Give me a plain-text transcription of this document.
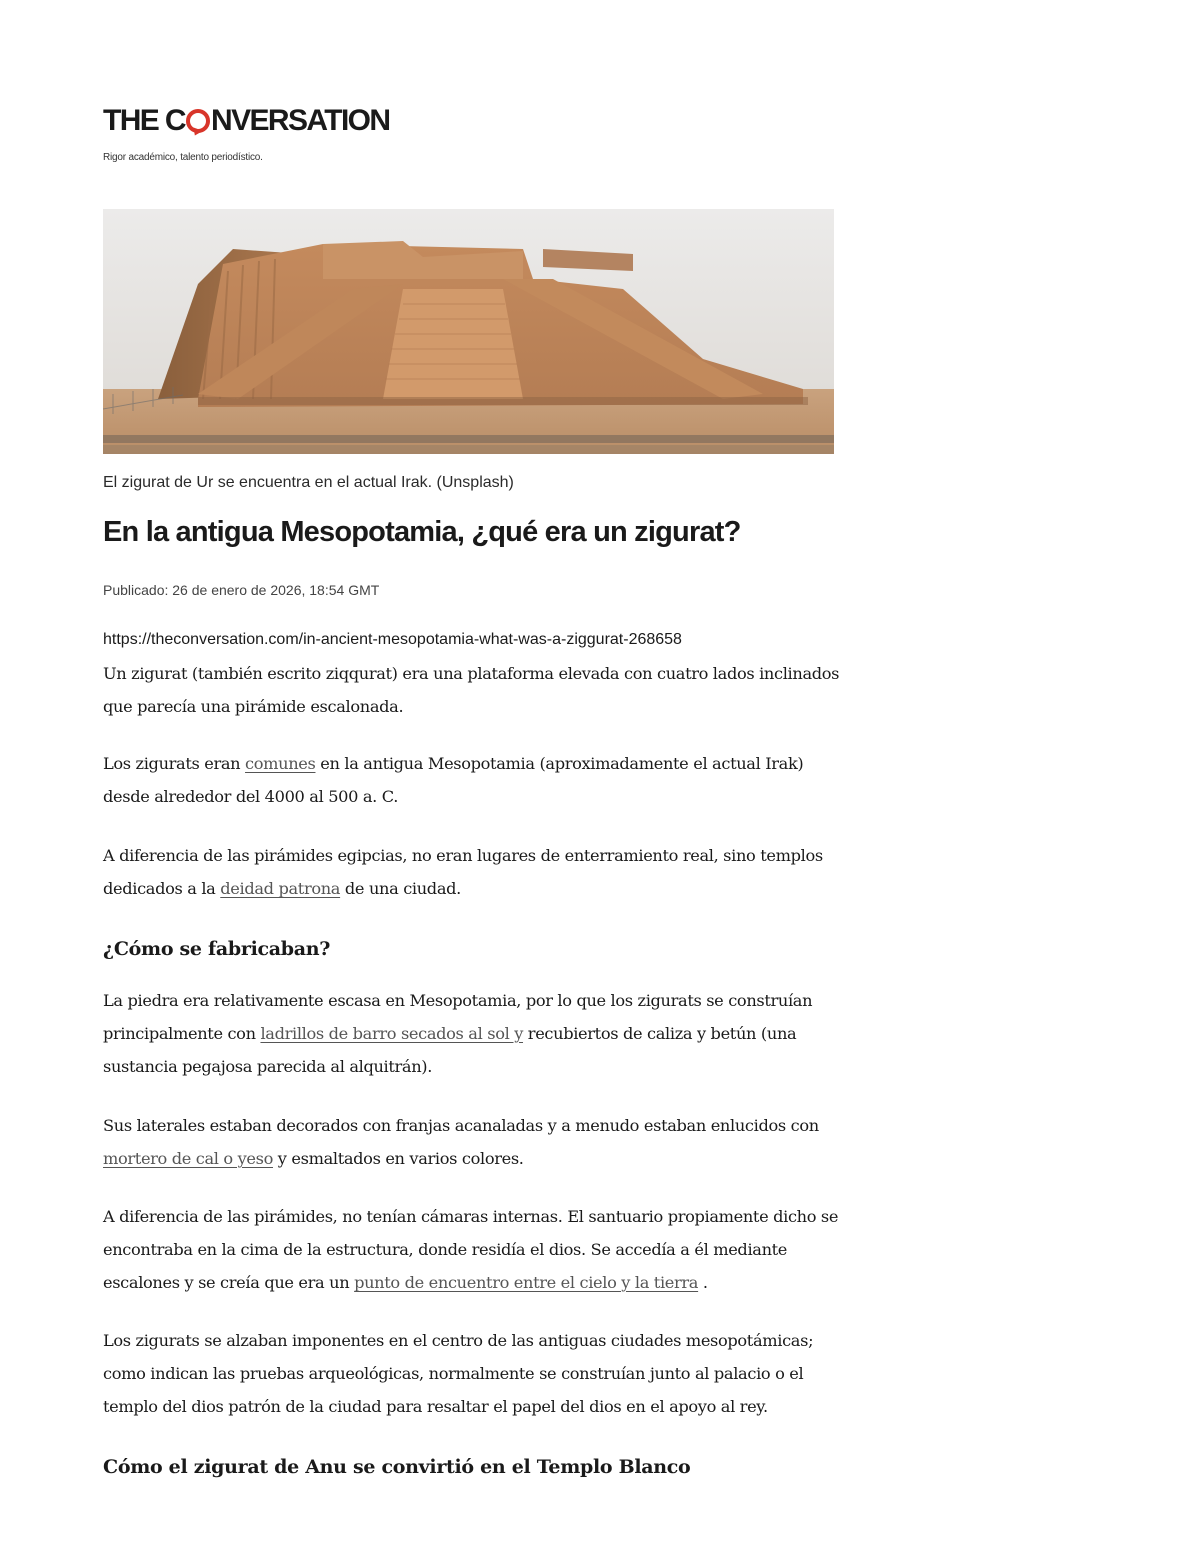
THE C NVERSATION
Rigor académico, talento periodístico.
El zigurat de Ur se encuentra en el actual Irak. (Unsplash)
En la antigua Mesopotamia, ¿qué era un zigurat?
Publicado: 26 de enero de 2026, 18:54 GMT
https://theconversation.com/in-ancient-mesopotamia-what-was-a-ziggurat-268658

Un zigurat (también escrito ziqqurat) era una plataforma elevada con cuatro lados inclinados
que parecía una pirámide escalonada.

Los zigurats eran comunes en la antigua Mesopotamia (aproximadamente el actual Irak)
desde alrededor del 4000 al 500 a. C.

A diferencia de las pirámides egipcias, no eran lugares de enterramiento real, sino templos
dedicados a la deidad patrona de una ciudad.

¿Cómo se fabricaban?

La piedra era relativamente escasa en Mesopotamia, por lo que los zigurats se construían
principalmente con ladrillos de barro secados al sol y recubiertos de caliza y betún (una
sustancia pegajosa parecida al alquitrán).

Sus laterales estaban decorados con franjas acanaladas y a menudo estaban enlucidos con
mortero de cal o yeso y esmaltados en varios colores.

A diferencia de las pirámides, no tenían cámaras internas. El santuario propiamente dicho se
encontraba en la cima de la estructura, donde residía el dios. Se accedía a él mediante
escalones y se creía que era un punto de encuentro entre el cielo y la tierra .

Los zigurats se alzaban imponentes en el centro de las antiguas ciudades mesopotámicas;
como indican las pruebas arqueológicas, normalmente se construían junto al palacio o el
templo del dios patrón de la ciudad para resaltar el papel del dios en el apoyo al rey.

Cómo el zigurat de Anu se convirtió en el Templo Blanco
